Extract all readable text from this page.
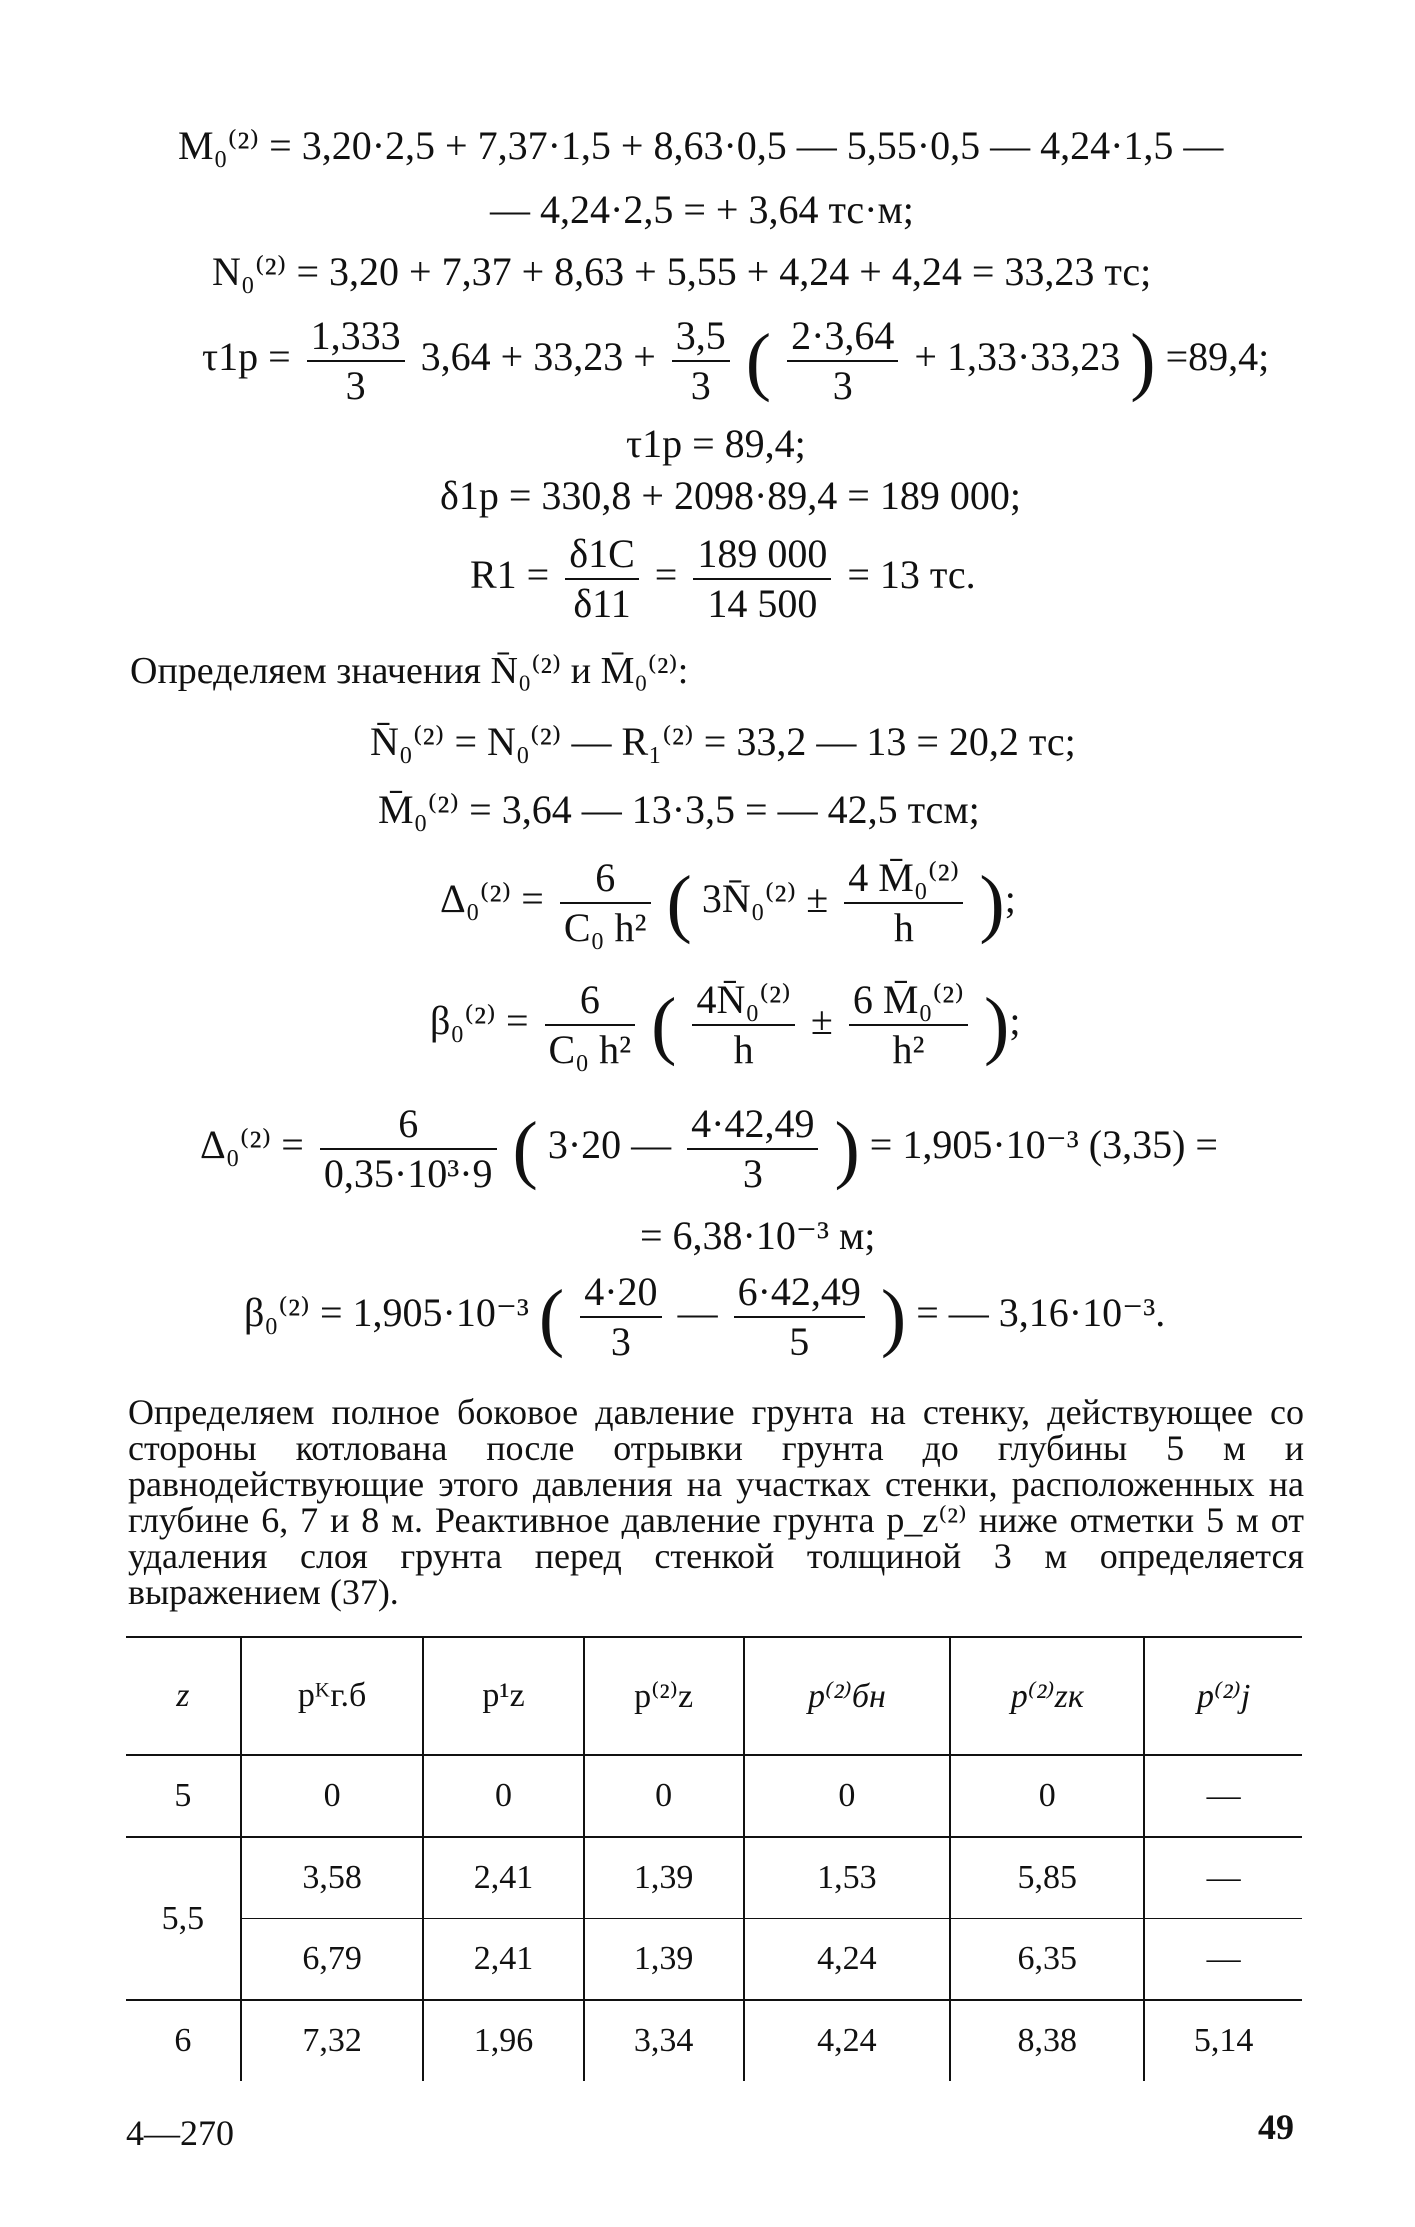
M₀⁽²⁾ = 3,20·2,5 + 7,37·1,5 + 8,63·0,5 — 5,55·0,5 — 4,24·1,5 —
— 4,24·2,5 = + 3,64 тс·м;
N₀⁽²⁾ = 3,20 + 7,37 + 8,63 + 5,55 + 4,24 + 4,24 = 33,23 тс;
$\tau 1p = \frac{1,333}{3} 3,64 + 33,23 + \frac{3,5}{3}$ ( $\frac{2\cdot 3,64}{3} + 1,33\cdot 33,23$ ) =89,4;
τ1p = 89,4;
δ1p = 330,8 + 2098·89,4 = 189 000;
$R1 = \frac{\delta 1C}{\delta 11} = \frac{189 000}{14 500} = 13$ тс.
Определяем значения N̄₀⁽²⁾ и M̄₀⁽²⁾:
N̄₀⁽²⁾ = N₀⁽²⁾ — R₁⁽²⁾ = 33,2 — 13 = 20,2 тс;
M̄₀⁽²⁾ = 3,64 — 13·3,5 = — 42,5 тсм;
$\Delta_0^{(2)} = \frac{6}{\text{C₀ h²}}$ ( 3N̄₀⁽²⁾ ± $\frac{\text{4 M̄₀⁽²⁾}}{h}$ );
$\beta_0^{(2)} = \frac{6}{\text{C₀ h²}}$ ( $\frac{\text{4N̄₀⁽²⁾}}{h} \pm \frac{\text{6 M̄₀⁽²⁾}}{\text{h²}}$ );
$\Delta_0^{(2)} = \frac{6}{\text{0,35·10³·9}}$ ( 3·20 — $\frac{4\cdot 42,49}{3}$ ) = 1,905·10⁻³ (3,35) =
= 6,38·10⁻³ м;
β₀⁽²⁾ = 1,905·10⁻³ ( $\frac{4\cdot 20}{3}$ — $\frac{6\cdot 42,49}{5}$ ) = — 3,16·10⁻³.

Определяем полное боковое давление грунта на стенку, действующее со стороны котлована после отрывки грунта до глубины 5 м и равнодействующие этого давления на участках стенки, расположенных на глубине 6, 7 и 8 м. Реактивное давление грунта p_z⁽²⁾ ниже отметки 5 м от удаления слоя грунта перед стенкой толщиной 3 м определяется выражением (37).

z	pᴷг.б	p¹z	p⁽²⁾z	p⁽²⁾бн	p⁽²⁾zк	p⁽²⁾j
5	0	0	0	0	0	—
5,5	3,58	2,41	1,39	1,53	5,85	—
	6,79	2,41	1,39	4,24	6,35	—
6	7,32	1,96	3,34	4,24	8,38	5,14
4—270	49
